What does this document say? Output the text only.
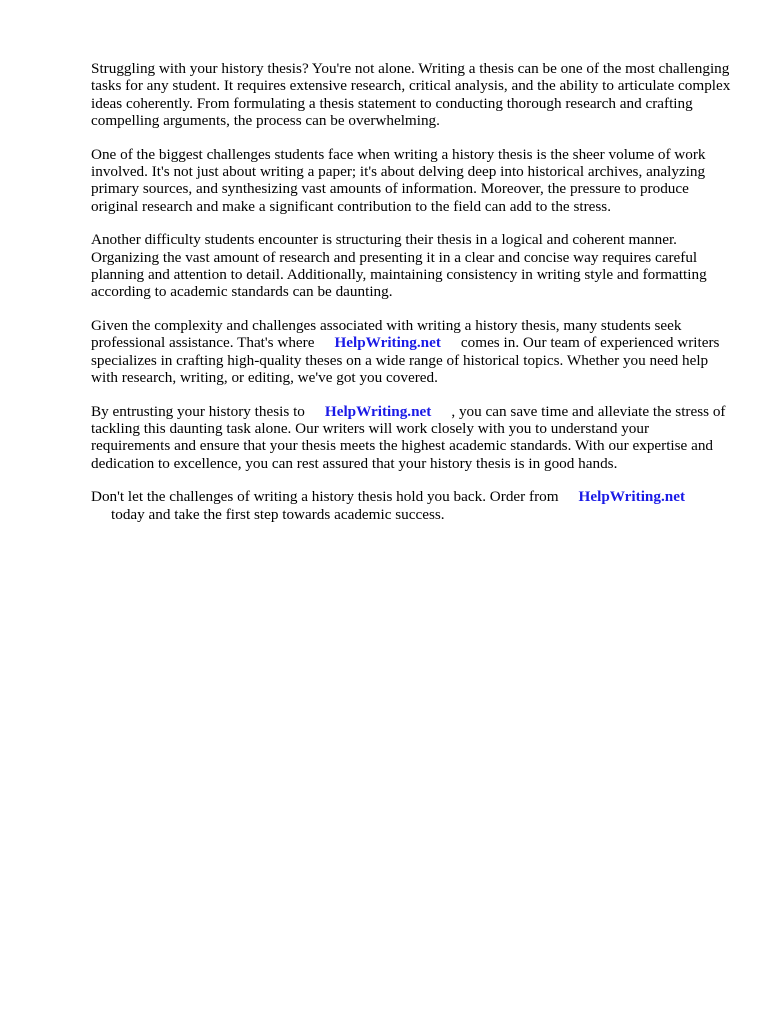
Struggling with your history thesis? You're not alone. Writing a thesis can be one of the most challenging tasks for any student. It requires extensive research, critical analysis, and the ability to articulate complex ideas coherently. From formulating a thesis statement to conducting thorough research and crafting compelling arguments, the process can be overwhelming.

One of the biggest challenges students face when writing a history thesis is the sheer volume of work involved. It's not just about writing a paper; it's about delving deep into historical archives, analyzing primary sources, and synthesizing vast amounts of information. Moreover, the pressure to produce original research and make a significant contribution to the field can add to the stress.

Another difficulty students encounter is structuring their thesis in a logical and coherent manner. Organizing the vast amount of research and presenting it in a clear and concise way requires careful planning and attention to detail. Additionally, maintaining consistency in writing style and formatting according to academic standards can be daunting.

Given the complexity and challenges associated with writing a history thesis, many students seek professional assistance. That's where HelpWriting.net comes in. Our team of experienced writers specializes in crafting high-quality theses on a wide range of historical topics. Whether you need help with research, writing, or editing, we've got you covered.

By entrusting your history thesis to HelpWriting.net , you can save time and alleviate the stress of tackling this daunting task alone. Our writers will work closely with you to understand your requirements and ensure that your thesis meets the highest academic standards. With our expertise and dedication to excellence, you can rest assured that your history thesis is in good hands.

Don't let the challenges of writing a history thesis hold you back. Order from HelpWriting.net
today and take the first step towards academic success.
